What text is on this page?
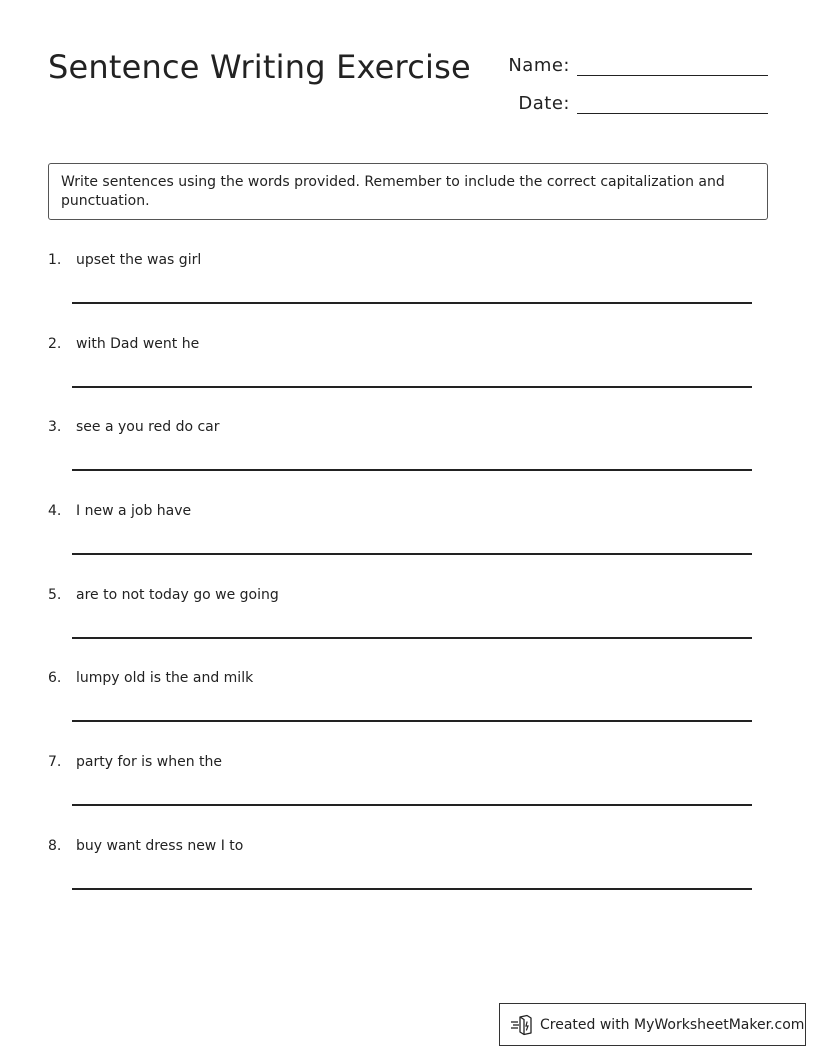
Sentence Writing Exercise Name:
Date:
Write sentences using the words provided. Remember to include the correct capitalization and punctuation.
1. upset the was girl
2. with Dad went he
3. see a you red do car
4. I new a job have
5. are to not today go we going
6. lumpy old is the and milk
7. party for is when the
8. buy want dress new I to
Created with MyWorksheetMaker.com
